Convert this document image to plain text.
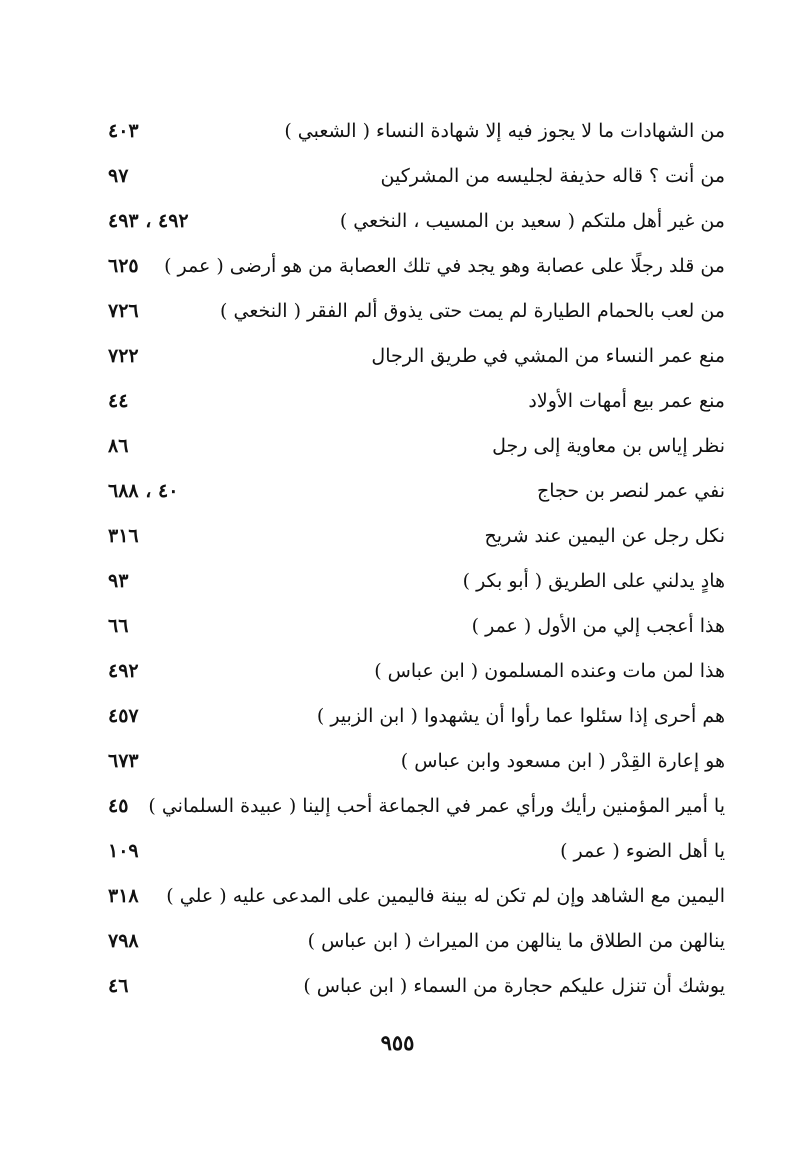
من الشهادات ما لا يجوز فيه إلا شهادة النساء ( الشعبي )
٤٠٣
من أنت ؟ قاله حذيفة لجليسه من المشركين
٩٧
من غير أهل ملتكم ( سعيد بن المسيب ، النخعي )
٤٩٢ ، ٤٩٣
من قلد رجلًا على عصابة وهو يجد في تلك العصابة من هو أرضى ( عمر )
٦٢٥
من لعب بالحمام الطيارة لم يمت حتى يذوق ألم الفقر ( النخعي )
٧٢٦
منع عمر النساء من المشي في طريق الرجال
٧٢٢
منع عمر بيع أمهات الأولاد
٤٤
نظر إياس بن معاوية إلى رجل
٨٦
نفي عمر لنصر بن حجاج
٤٠ ، ٦٨٨
نكل رجل عن اليمين عند شريح
٣١٦
هادٍ يدلني على الطريق ( أبو بكر )
٩٣
هذا أعجب إلي من الأول ( عمر )
٦٦
هذا لمن مات وعنده المسلمون ( ابن عباس )
٤٩٢
هم أحرى إذا سئلوا عما رأوا أن يشهدوا ( ابن الزبير )
٤٥٧
هو إعارة القِدْر ( ابن مسعود وابن عباس )
٦٧٣
يا أمير المؤمنين رأيك ورأي عمر في الجماعة أحب إلينا ( عبيدة السلماني )
٤٥
يا أهل الضوء ( عمر )
١٠٩
اليمين مع الشاهد وإن لم تكن له بينة فاليمين على المدعى عليه ( علي )
٣١٨
ينالهن من الطلاق ما ينالهن من الميراث ( ابن عباس )
٧٩٨
يوشك أن تنزل عليكم حجارة من السماء ( ابن عباس )
٤٦
٩٥٥
